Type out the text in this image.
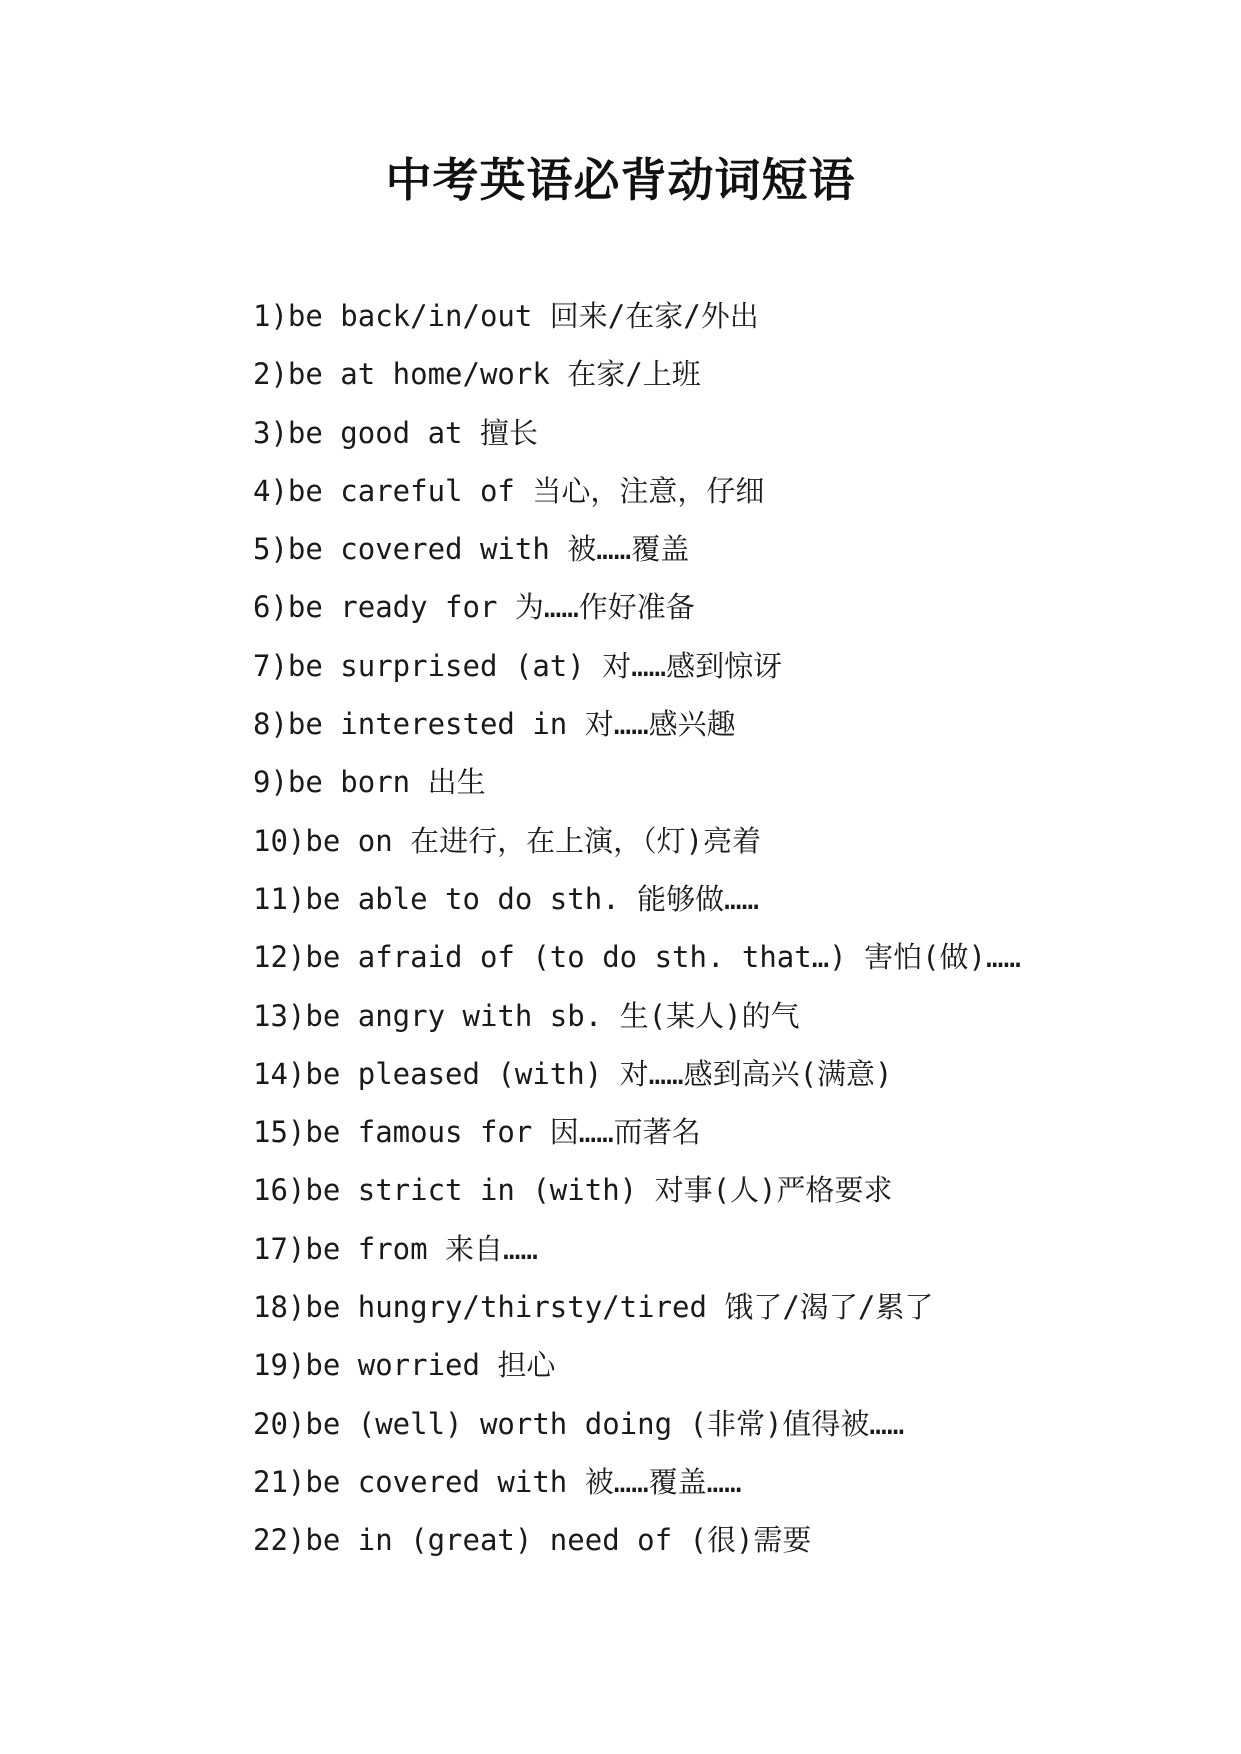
中考英语必背动词短语
1)be back/in/out 回来/在家/外出
2)be at home/work 在家/上班
3)be good at 擅长
4)be careful of 当心，注意，仔细
5)be covered with 被……覆盖
6)be ready for 为……作好准备
7)be surprised (at) 对……感到惊讶
8)be interested in 对……感兴趣
9)be born 出生
10)be on 在进行，在上演，（灯)亮着
11)be able to do sth. 能够做……
12)be afraid of (to do sth. that…) 害怕(做)……
13)be angry with sb. 生(某人)的气
14)be pleased (with) 对……感到高兴(满意)
15)be famous for 因……而著名
16)be strict in (with) 对事(人)严格要求
17)be from 来自……
18)be hungry/thirsty/tired 饿了/渴了/累了
19)be worried 担心
20)be (well) worth doing (非常)值得被……
21)be covered with 被……覆盖……
22)be in (great) need of (很)需要
